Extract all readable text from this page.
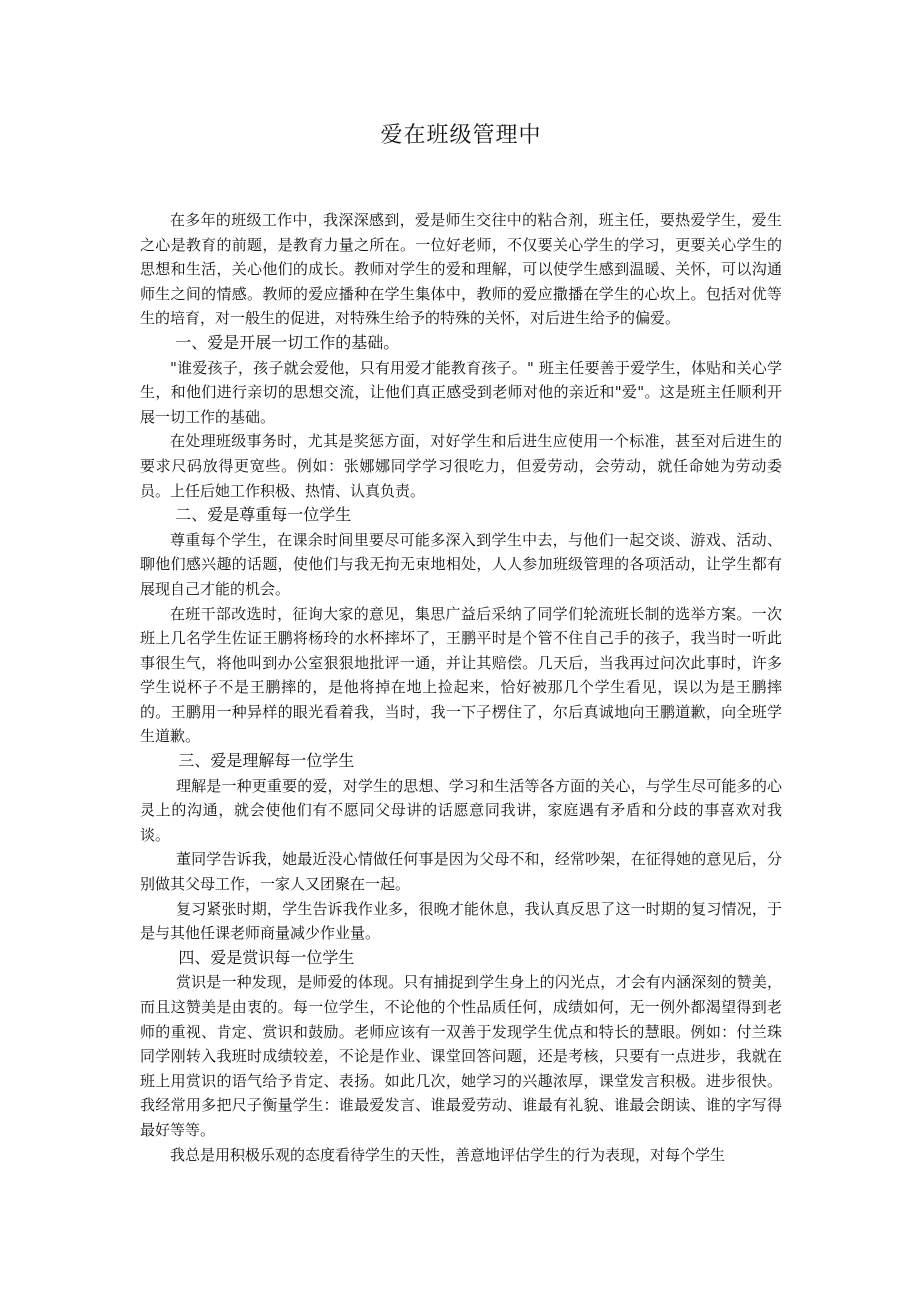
爱在班级管理中

在多年的班级工作中，我深深感到，爱是师生交往中的粘合剂，班主任，要热爱学生，爱生之心是教育的前题，是教育力量之所在。一位好老师，不仅要关心学生的学习，更要关心学生的思想和生活，关心他们的成长。教师对学生的爱和理解，可以使学生感到温暖、关怀，可以沟通师生之间的情感。教师的爱应播种在学生集体中，教师的爱应撒播在学生的心坎上。包括对优等生的培育，对一般生的促进，对特殊生给予的特殊的关怀，对后进生给予的偏爱。

一、爱是开展一切工作的基础。

"谁爱孩子，孩子就会爱他，只有用爱才能教育孩子。" 班主任要善于爱学生，体贴和关心学生，和他们进行亲切的思想交流，让他们真正感受到老师对他的亲近和"爱"。这是班主任顺利开展一切工作的基础。

在处理班级事务时，尤其是奖惩方面，对好学生和后进生应使用一个标准，甚至对后进生的要求尺码放得更宽些。例如：张娜娜同学学习很吃力，但爱劳动，会劳动，就任命她为劳动委员。上任后她工作积极、热情、认真负责。

二、爱是尊重每一位学生

尊重每个学生，在课余时间里要尽可能多深入到学生中去，与他们一起交谈、游戏、活动、聊他们感兴趣的话题，使他们与我无拘无束地相处，人人参加班级管理的各项活动，让学生都有展现自己才能的机会。

在班干部改选时，征询大家的意见，集思广益后采纳了同学们轮流班长制的选举方案。一次班上几名学生佐证王鹏将杨玲的水杯摔坏了，王鹏平时是个管不住自己手的孩子，我当时一听此事很生气，将他叫到办公室狠狠地批评一通，并让其赔偿。几天后，当我再过问次此事时，许多学生说杯子不是王鹏摔的，是他将掉在地上捡起来，恰好被那几个学生看见，误以为是王鹏摔的。王鹏用一种异样的眼光看着我，当时，我一下子楞住了，尔后真诚地向王鹏道歉，向全班学生道歉。

三、爱是理解每一位学生

理解是一种更重要的爱，对学生的思想、学习和生活等各方面的关心，与学生尽可能多的心灵上的沟通，就会使他们有不愿同父母讲的话愿意同我讲，家庭遇有矛盾和分歧的事喜欢对我谈。

董同学告诉我，她最近没心情做任何事是因为父母不和，经常吵架，在征得她的意见后，分别做其父母工作，一家人又团聚在一起。

复习紧张时期，学生告诉我作业多，很晚才能休息，我认真反思了这一时期的复习情况，于是与其他任课老师商量减少作业量。

四、爱是赏识每一位学生

赏识是一种发现，是师爱的体现。只有捕捉到学生身上的闪光点，才会有内涵深刻的赞美，而且这赞美是由衷的。每一位学生，不论他的个性品质任何，成绩如何，无一例外都渴望得到老师的重视、肯定、赏识和鼓励。老师应该有一双善于发现学生优点和特长的慧眼。例如：付兰珠同学刚转入我班时成绩较差，不论是作业、课堂回答问题，还是考核，只要有一点进步，我就在班上用赏识的语气给予肯定、表扬。如此几次，她学习的兴趣浓厚，课堂发言积极。进步很快。我经常用多把尺子衡量学生：谁最爱发言、谁最爱劳动、谁最有礼貌、谁最会朗读、谁的字写得最好等等。

我总是用积极乐观的态度看待学生的天性，善意地评估学生的行为表现，对每个学生
